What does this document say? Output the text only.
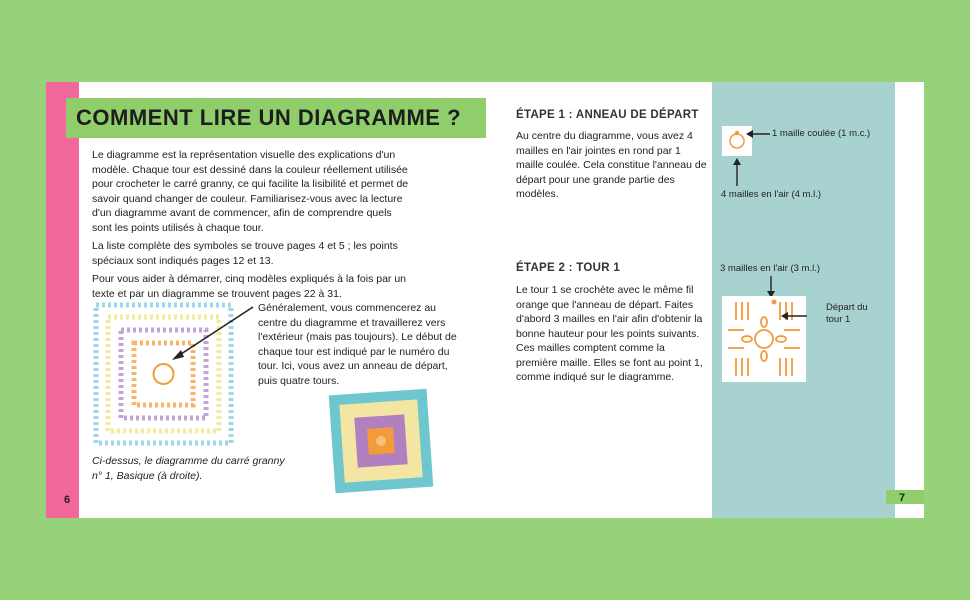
COMMENT LIRE UN DIAGRAMME ?

Le diagramme est la représentation visuelle des explications d'un modèle. Chaque tour est dessiné dans la couleur réellement utilisée pour crocheter le carré granny, ce qui facilite la lisibilité et permet de savoir quand changer de couleur. Familiarisez-vous avec la lecture d'un diagramme avant de commencer, afin de comprendre quels sont les points utilisés à chaque tour.

La liste complète des symboles se trouve pages 4 et 5 ; les points spéciaux sont indiqués pages 12 et 13.

Pour vous aider à démarrer, cinq modèles expliqués à la fois par un texte et par un diagramme se trouvent pages 22 à 31.

Généralement, vous commencerez au centre du diagramme et travaillerez vers l'extérieur (mais pas toujours). Le début de chaque tour est indiqué par le numéro du tour. Ici, vous avez un anneau de départ, puis quatre tours.
Ci-dessus, le diagramme du carré granny n° 1, Basique (à droite).
6
ÉTAPE 1 : ANNEAU DE DÉPART
Au centre du diagramme, vous avez 4 mailles en l'air jointes en rond par 1 maille coulée. Cela constitue l'anneau de départ pour une grande partie des modèles.
ÉTAPE 2 : TOUR 1
Le tour 1 se crochète avec le même fil orange que l'anneau de départ. Faites d'abord 3 mailles en l'air afin d'obtenir la bonne hauteur pour les points suivants. Ces mailles comptent comme la première maille. Elles se font au point 1, comme indiqué sur le diagramme.
1 maille coulée (1 m.c.)
4 mailles en l'air (4 m.l.)
3 mailles en l'air (3 m.l.)
Départ du tour 1
7
